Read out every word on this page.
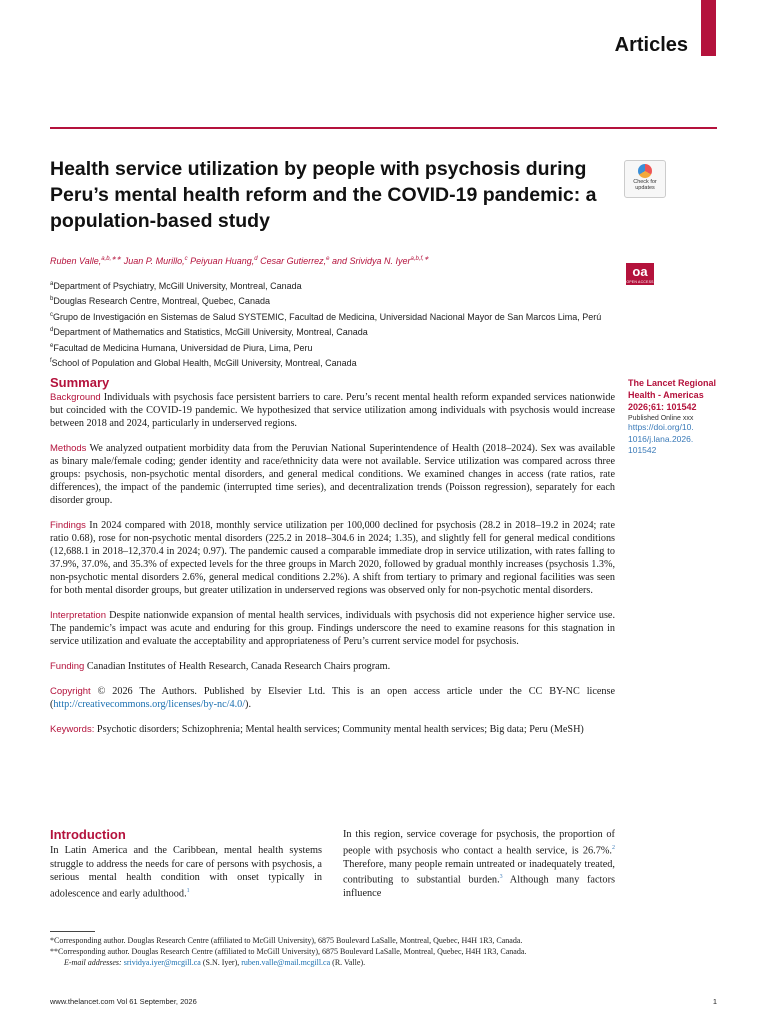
Articles
Health service utilization by people with psychosis during Peru’s mental health reform and the COVID-19 pandemic: a population-based study
Check for updates
oa
OPEN ACCESS
Ruben Valle,$^{a,b,∗∗}$ Juan P. Murillo,$^c$ Peiyuan Huang,$^d$ Cesar Gutierrez,$^e$ and Srividya N. Iyer$^{a,b,f,∗}$
$^a$Department of Psychiatry, McGill University, Montreal, Canada
$^b$Douglas Research Centre, Montreal, Quebec, Canada
$^c$Grupo de Investigación en Sistemas de Salud SYSTEMIC, Facultad de Medicina, Universidad Nacional Mayor de San Marcos Lima, Perú
$^d$Department of Mathematics and Statistics, McGill University, Montreal, Canada
$^e$Facultad de Medicina Humana, Universidad de Piura, Lima, Peru
$^f$School of Population and Global Health, McGill University, Montreal, Canada
The Lancet Regional Health - Americas 2026;61: 101542
Published Online xxx
https://doi.org/10.
1016/j.lana.2026.
101542
Summary

Background Individuals with psychosis face persistent barriers to care. Peru’s recent mental health reform expanded services nationwide but coincided with the COVID-19 pandemic. We hypothesized that service utilization among individuals with psychosis would increase between 2018 and 2024, particularly in underserved regions.

Methods We analyzed outpatient morbidity data from the Peruvian National Superintendence of Health (2018–2024). Sex was available as binary male/female coding; gender identity and race/ethnicity data were not available. Service utilization was compared across three groups: psychosis, non-psychotic mental disorders, and general medical conditions. We examined changes in access (rate ratios, rate differences), the impact of the pandemic (interrupted time series), and decentralization trends (Poisson regression), separately for each disorder group.

Findings In 2024 compared with 2018, monthly service utilization per 100,000 declined for psychosis (28.2 in 2018–19.2 in 2024; rate ratio 0.68), rose for non-psychotic mental disorders (225.2 in 2018–304.6 in 2024; 1.35), and slightly fell for general medical conditions (12,688.1 in 2018–12,370.4 in 2024; 0.97). The pandemic caused a comparable immediate drop in service utilization, with rates falling to 37.9%, 37.0%, and 35.3% of expected levels for the three groups in March 2020, followed by gradual monthly increases (psychosis 1.3%, non-psychotic mental disorders 2.6%, general medical conditions 2.2%). A shift from tertiary to primary and regional facilities was seen for both mental disorder groups, but greater utilization in underserved regions was observed only for non-psychotic mental disorders.

Interpretation Despite nationwide expansion of mental health services, individuals with psychosis did not experience higher service use. The pandemic’s impact was acute and enduring for this group. Findings underscore the need to examine reasons for this stagnation in service utilization and evaluate the acceptability and appropriateness of Peru’s current service model for psychosis.

Funding Canadian Institutes of Health Research, Canada Research Chairs program.

Copyright © 2026 The Authors. Published by Elsevier Ltd. This is an open access article under the CC BY-NC license (http://creativecommons.org/licenses/by-nc/4.0/).

Keywords: Psychotic disorders; Schizophrenia; Mental health services; Community mental health services; Big data; Peru (MeSH)

Introduction
In Latin America and the Caribbean, mental health systems struggle to address the needs for care of persons with psychosis, a serious mental health condition with onset typically in adolescence and early adulthood.$^1$
In this region, service coverage for psychosis, the proportion of people with psychosis who contact a health service, is 26.7%.$^2$ Therefore, many people remain untreated or inadequately treated, contributing to substantial burden.$^3$ Although many factors influence
*Corresponding author. Douglas Research Centre (affiliated to McGill University), 6875 Boulevard LaSalle, Montreal, Quebec, H4H 1R3, Canada.
**Corresponding author. Douglas Research Centre (affiliated to McGill University), 6875 Boulevard LaSalle, Montreal, Quebec, H4H 1R3, Canada.
E-mail addresses: srividya.iyer@mcgill.ca (S.N. Iyer), ruben.valle@mail.mcgill.ca (R. Valle).
www.thelancet.com Vol 61 September, 2026	1
